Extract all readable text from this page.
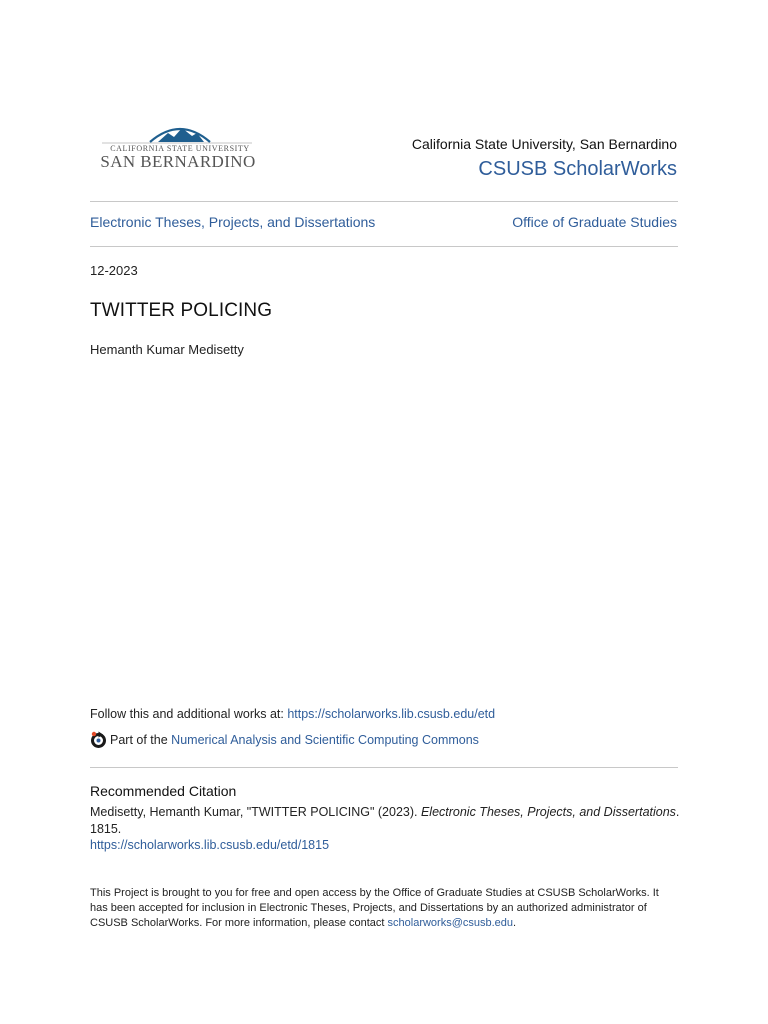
CALIFORNIA STATE UNIVERSITY
SAN BERNARDINO
California State University, San Bernardino
CSUSB ScholarWorks
Electronic Theses, Projects, and Dissertations	Office of Graduate Studies
12-2023
TWITTER POLICING
Hemanth Kumar Medisetty
Follow this and additional works at: https://scholarworks.lib.csusb.edu/etd
Part of the
Numerical Analysis and Scientific Computing Commons
Recommended Citation
Medisetty, Hemanth Kumar, "TWITTER POLICING" (2023). Electronic Theses, Projects, and Dissertations. 1815.
https://scholarworks.lib.csusb.edu/etd/1815
This Project is brought to you for free and open access by the Office of Graduate Studies at CSUSB ScholarWorks. It has been accepted for inclusion in Electronic Theses, Projects, and Dissertations by an authorized administrator of CSUSB ScholarWorks. For more information, please contact scholarworks@csusb.edu.
